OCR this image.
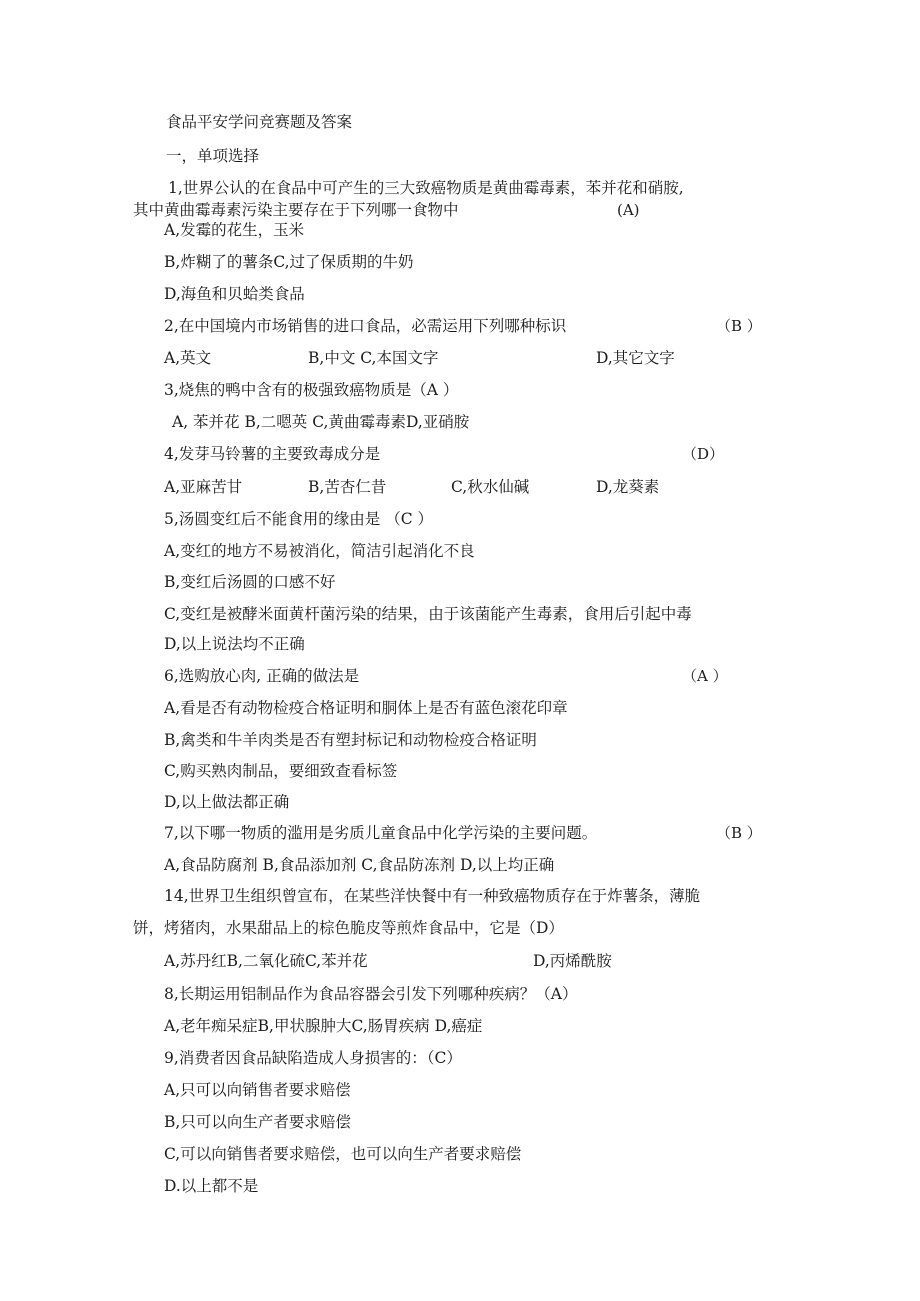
食品平安学问竞赛题及答案
一，单项选择
1,世界公认的在食品中可产生的三大致癌物质是黄曲霉毒素，苯并花和硝胺,
其中黄曲霉毒素污染主要存在于下列哪一食物中	(A)
A,发霉的花生，玉米
B,炸糊了的薯条C,过了保质期的牛奶
D,海鱼和贝蛤类食品
2,在中国境内市场销售的进口食品，必需运用下列哪种标识	（B ）
A,英文	B,中文 C,本国文字	D,其它文字
3,烧焦的鸭中含有的极强致癌物质是（A ）
A, 苯并花 B,二嗯英 C,黄曲霉毒素D,亚硝胺
4,发芽马铃薯的主要致毒成分是	（D）
A,亚麻苦甘	B,苦杏仁昔	C,秋水仙碱	D,龙葵素
5,汤圆变红后不能食用的缘由是 （C ）
A,变红的地方不易被消化，简洁引起消化不良
B,变红后汤圆的口感不好
C,变红是被酵米面黄杆菌污染的结果，由于该菌能产生毒素，食用后引起中毒
D,以上说法均不正确
6,选购放心肉, 正确的做法是	（A ）
A,看是否有动物检疫合格证明和胴体上是否有蓝色滚花印章
B,禽类和牛羊肉类是否有塑封标记和动物检疫合格证明
C,购买熟肉制品，要细致查看标签
D,以上做法都正确
7,以下哪一物质的滥用是劣质儿童食品中化学污染的主要问题。	（B ）
A,食品防腐剂 B,食品添加剂 C,食品防冻剂 D,以上均正确
14,世界卫生组织曾宣布，在某些洋快餐中有一种致癌物质存在于炸薯条，薄脆
饼，烤猪肉，水果甜品上的棕色脆皮等煎炸食品中，它是（D）
A,苏丹红B,二氧化硫C,苯并花	D,丙烯酰胺
8,长期运用铝制品作为食品容器会引发下列哪种疾病？（A）
A,老年痴呆症B,甲状腺肿大C,肠胃疾病 D,癌症
9,消费者因食品缺陷造成人身损害的：（C）
A,只可以向销售者要求赔偿
B,只可以向生产者要求赔偿
C,可以向销售者要求赔偿，也可以向生产者要求赔偿
D.以上都不是
